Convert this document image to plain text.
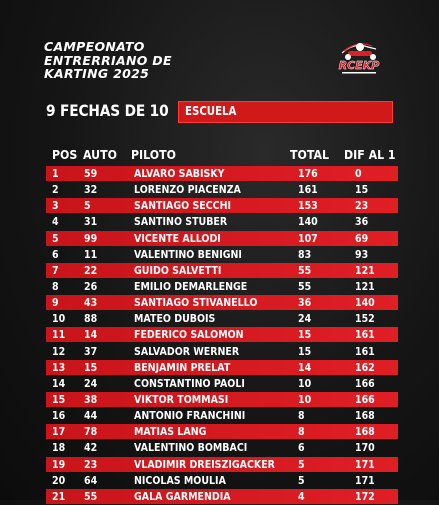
CAMPEONATO
ENTRERRIANO DE
KARTING 2025
RCEKP
9 FECHAS DE 10 ESCUELA
POS AUTO PILOTO	TOTAL DIF AL 1
1 59	ALVARO SABISKY	176	0
2 32	LORENZO PIACENZA	161	15
3 5	SANTIAGO SECCHI	153	23
4 31	SANTINO STUBER	140	36
5 99	VICENTE ALLODI	107	69
6 11	VALENTINO BENIGNI	83	93
7 22	GUIDO SALVETTI	55	121
8 26	EMILIO DEMARLENGE	55	121
9 43	SANTIAGO STIVANELLO	36	140
10 88	MATEO DUBOIS	24	152
11 14	FEDERICO SALOMON	15	161
12 37	SALVADOR WERNER	15	161
13 15	BENJAMIN PRELAT	14	162
14 24	CONSTANTINO PAOLI	10	166
15 38	VIKTOR TOMMASI	10	166
16 44	ANTONIO FRANCHINI	8	168
17 78	MATIAS LANG	8	168
18 42	VALENTINO BOMBACI	6	170
19 23	VLADIMIR DREISZIGACKER 5	171
20 64	NICOLAS MOULIA	5	171
21 55	GALA GARMENDIA	4	172
